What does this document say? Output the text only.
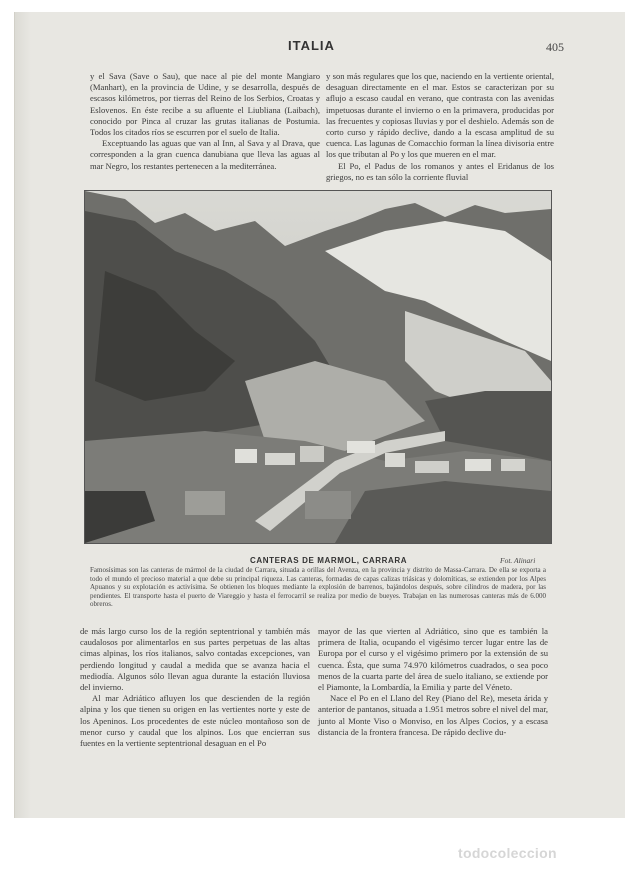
ITALIA	405

y el Sava (Save o Sau), que nace al pie del monte Mangiaro (Manhart), en la provincia de Udine, y se desarrolla, después de escasos kilómetros, por tierras del Reino de los Serbios, Croatas y Eslovenos. En éste recibe a su afluente el Liubliana (Laibach), conocido por Pinca al cruzar las grutas italianas de Postumia. Todos los citados ríos se escurren por el suelo de Italia.

Exceptuando las aguas que van al Inn, al Sava y al Drava, que corresponden a la gran cuenca danubiana que lleva las aguas al mar Negro, los restantes pertenecen a la mediterránea.

y son más regulares que los que, naciendo en la vertiente oriental, desaguan directamente en el mar. Estos se caracterizan por su aflujo a escaso caudal en verano, que contrasta con las avenidas impetuosas durante el invierno o en la primavera, producidas por las frecuentes y copiosas lluvias y por el deshielo. Además son de corto curso y rápido declive, dando a la escasa amplitud de su cuenca. Las lagunas de Comacchio forman la línea divisoria entre los que tributan al Po y los que mueren en el mar.

El Po, el Padus de los romanos y antes el Eridanus de los griegos, no es tan sólo la corriente fluvial

CANTERAS DE MARMOL, CARRARA	Fot. Alinari
Famosísimas son las canteras de mármol de la ciudad de Carrara, situada a orillas del Avenza, en la provincia y distrito de Massa-Carrara. De ella se exporta a todo el mundo el precioso material a que debe su principal riqueza. Las canteras, formadas de capas calizas triásicas y dolomíticas, se extienden por los Alpes Apuanos y su explotación es activísima. Se obtienen los bloques mediante la explosión de barrenos, bajándolos después, sobre cilindros de madera, por las pendientes. El transporte hasta el puerto de Viareggio y hasta el ferrocarril se realiza por medio de bueyes. Trabajan en las numerosas canteras más de 6.000 obreros.

de más largo curso los de la región septentrional y también más caudalosos por alimentarlos en sus partes perpetuas de las altas cimas alpinas, los ríos italianos, salvo contadas excepciones, van perdiendo longitud y caudal a medida que se avanza hacia el mediodía. Algunos sólo llevan agua durante la estación lluviosa del invierno.

Al mar Adriático afluyen los que descienden de la región alpina y los que tienen su origen en las vertientes norte y este de los Apeninos. Los procedentes de este núcleo montañoso son de menor curso y caudal que los alpinos. Los que encierran sus fuentes en la vertiente septentrional desaguan en el Po

mayor de las que vierten al Adriático, sino que es también la primera de Italia, ocupando el vigésimo tercer lugar entre las de Europa por el curso y el vigésimo primero por la extensión de su cuenca. Ésta, que suma 74.970 kilómetros cuadrados, o sea poco menos de la cuarta parte del área de suelo italiano, se extiende por el Piamonte, la Lombardía, la Emilia y parte del Véneto.

Nace el Po en el Llano del Rey (Piano del Re), meseta árida y anterior de pantanos, situada a 1.951 metros sobre el nivel del mar, junto al Monte Viso o Monviso, en los Alpes Cocios, y a escasa distancia de la frontera francesa. De rápido declive du-

todocoleccion
